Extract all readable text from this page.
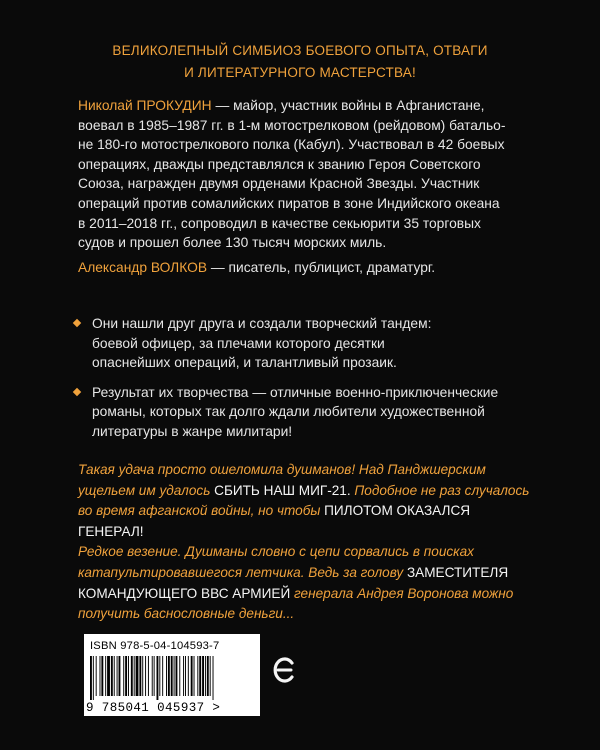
ВЕЛИКОЛЕПНЫЙ СИМБИОЗ БОЕВОГО ОПЫТА, ОТВАГИ
И ЛИТЕРАТУРНОГО МАСТЕРСТВА!
Николай ПРОКУДИН — майор, участник войны в Афганистане,
воевал в 1985–1987 гг. в 1-м мотострелковом (рейдовом) батальо-
не 180-го мотострелкового полка (Кабул). Участвовал в 42 боевых
операциях, дважды представлялся к званию Героя Советского
Союза, награжден двумя орденами Красной Звезды. Участник
операций против сомалийских пиратов в зоне Индийского океана
в 2011–2018 гг., сопроводил в качестве секьюрити 35 торговых
судов и прошел более 130 тысяч морских миль.
Александр ВОЛКОВ — писатель, публицист, драматург.
Они нашли друг друга и создали творческий тандем:
боевой офицер, за плечами которого десятки
опаснейших операций, и талантливый прозаик.
Результат их творчества — отличные военно-приключенческие
романы, которых так долго ждали любители художественной
литературы в жанре милитари!
Такая удача просто ошеломила душманов! Над Панджшерским
ущельем им удалось СБИТЬ НАШ МИГ-21. Подобное не раз случалось
во время афганской войны, но чтобы ПИЛОТОМ ОКАЗАЛСЯ ГЕНЕРАЛ!
Редкое везение. Душманы словно с цепи сорвались в поисках
катапультировавшегося летчика. Ведь за голову ЗАМЕСТИТЕЛЯ
КОМАНДУЮЩЕГО ВВС АРМИЕЙ генерала Андрея Воронова можно
получить баснословные деньги...
ISBN 978-5-04-104593-7
9 785041 045937 >
